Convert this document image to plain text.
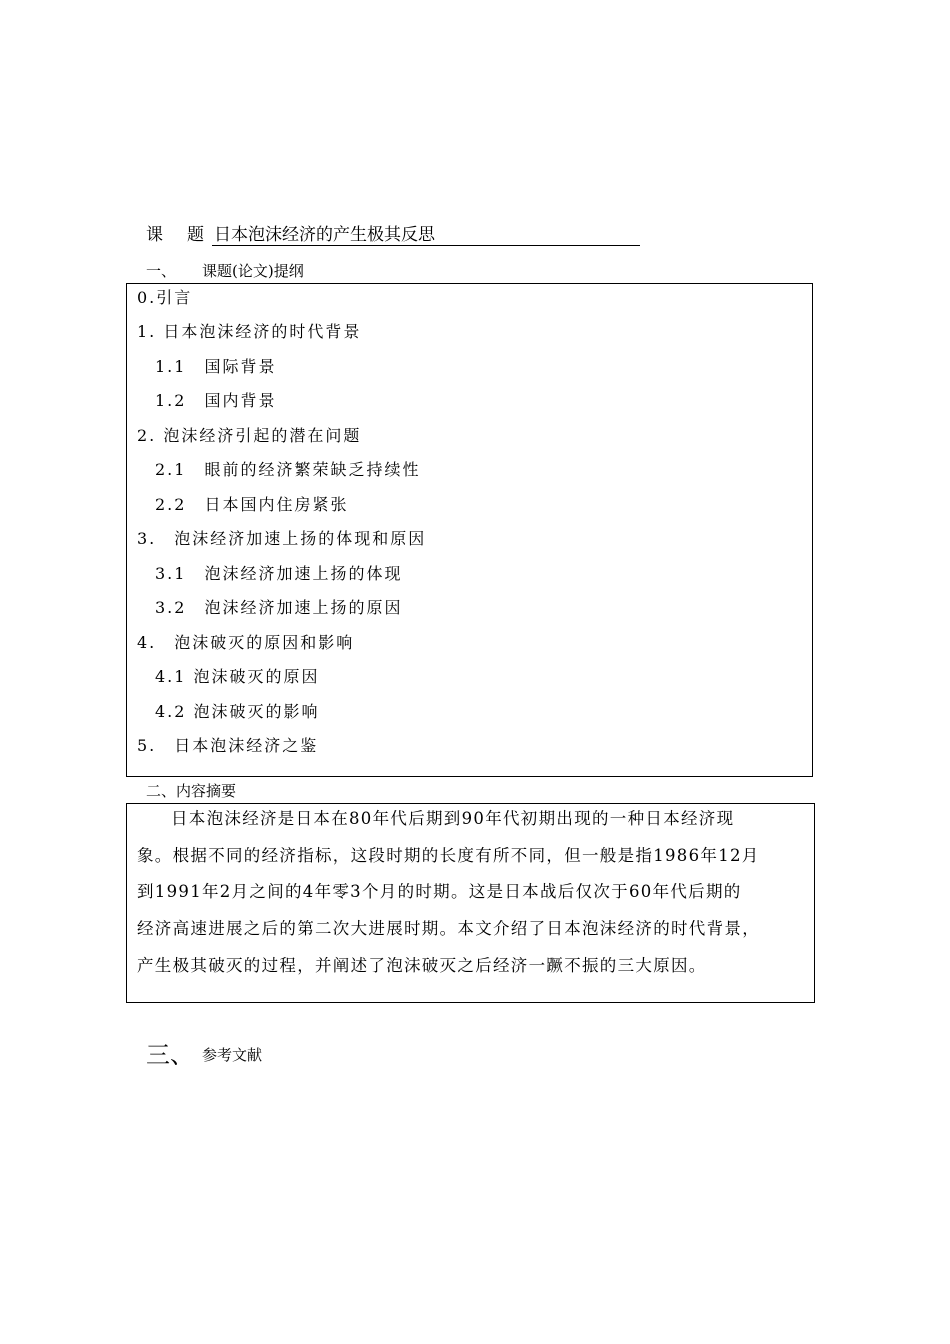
课 题 日本泡沫经济的产生极其反思
一、 课题(论文)提纲
0.引言
1. 日本泡沫经济的时代背景
1.1　国际背景
1.2　国内背景
2. 泡沫经济引起的潜在问题
2.1　眼前的经济繁荣缺乏持续性
2.2　日本国内住房紧张
3.　泡沫经济加速上扬的体现和原因
3.1　泡沫经济加速上扬的体现
3.2　泡沫经济加速上扬的原因
4.　泡沫破灭的原因和影响
4.1 泡沫破灭的原因
4.2 泡沫破灭的影响
5.　日本泡沫经济之鉴
二、内容摘要
日本泡沫经济是日本在80年代后期到90年代初期出现的一种日本经济现
象。根据不同的经济指标，这段时期的长度有所不同，但一般是指1986年12月
到1991年2月之间的4年零3个月的时期。这是日本战后仅次于60年代后期的
经济高速进展之后的第二次大进展时期。本文介绍了日本泡沫经济的时代背景，
产生极其破灭的过程，并阐述了泡沫破灭之后经济一蹶不振的三大原因。
三、 参考文献
